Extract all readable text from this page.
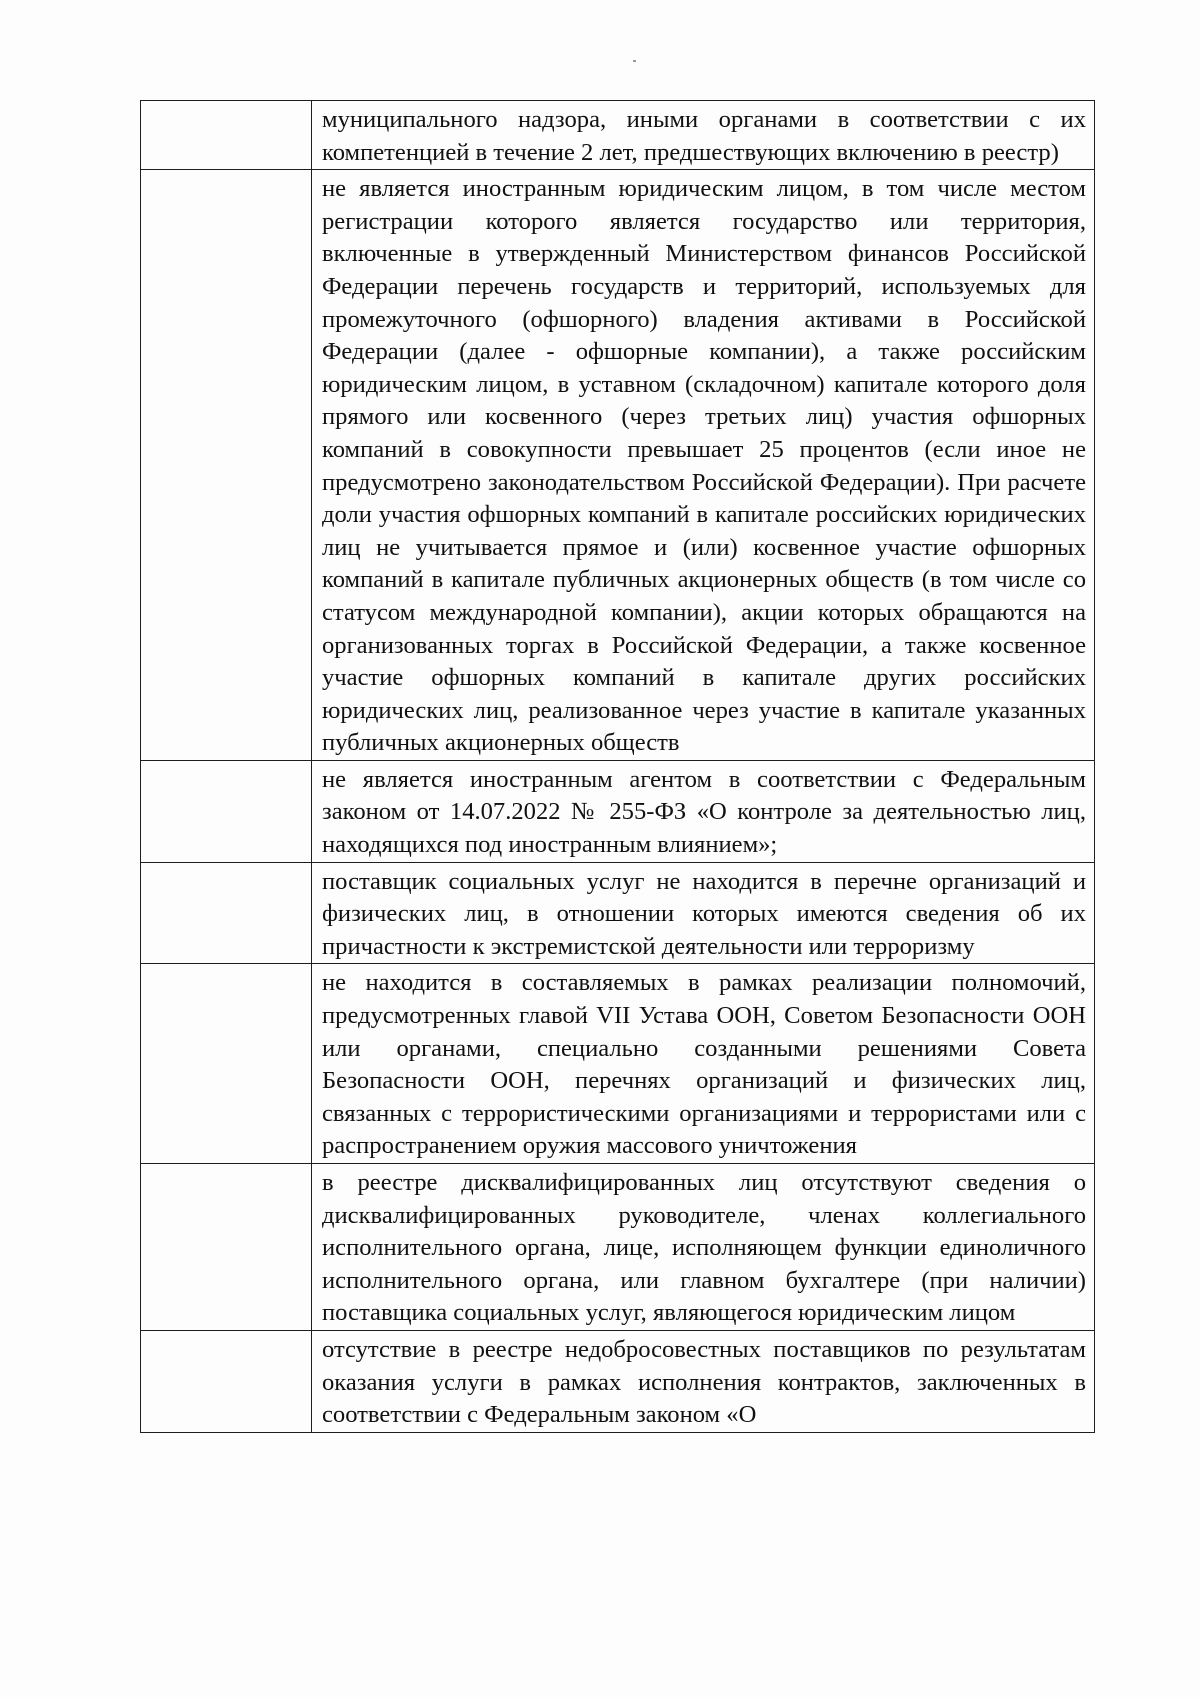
	муниципального надзора, иными органами в соответствии с их компетенцией в течение 2 лет, предшествующих включению в реестр)
	не является иностранным юридическим лицом, в том числе местом регистрации которого является государство или территория, включенные в утвержденный Министерством финансов Российской Федерации перечень государств и территорий, используемых для промежуточного (офшорного) владения активами в Российской Федерации (далее - офшорные компании), а также российским юридическим лицом, в уставном (складочном) капитале которого доля прямого или косвенного (через третьих лиц) участия офшорных компаний в совокупности превышает 25 процентов (если иное не предусмотрено законодательством Российской Федерации). При расчете доли участия офшорных компаний в капитале российских юридических лиц не учитывается прямое и (или) косвенное участие офшорных компаний в капитале публичных акционерных обществ (в том числе со статусом международной компании), акции которых обращаются на организованных торгах в Российской Федерации, а также косвенное участие офшорных компаний в капитале других российских юридических лиц, реализованное через участие в капитале указанных публичных акционерных обществ
	не является иностранным агентом в соответствии с Федеральным законом от 14.07.2022 № 255-ФЗ «О контроле за деятельностью лиц, находящихся под иностранным влиянием»;
	поставщик социальных услуг не находится в перечне организаций и физических лиц, в отношении которых имеются сведения об их причастности к экстремистской деятельности или терроризму
	не находится в составляемых в рамках реализации полномочий, предусмотренных главой VII Устава ООН, Советом Безопасности ООН или органами, специально созданными решениями Совета Безопасности ООН, перечнях организаций и физических лиц, связанных с террористическими организациями и террористами или с распространением оружия массового уничтожения
	в реестре дисквалифицированных лиц отсутствуют сведения о дисквалифицированных руководителе, членах коллегиального исполнительного органа, лице, исполняющем функции единоличного исполнительного органа, или главном бухгалтере (при наличии) поставщика социальных услуг, являющегося юридическим лицом
	отсутствие в реестре недобросовестных поставщиков по результатам оказания услуги в рамках исполнения контрактов, заключенных в соответствии с Федеральным законом «О
